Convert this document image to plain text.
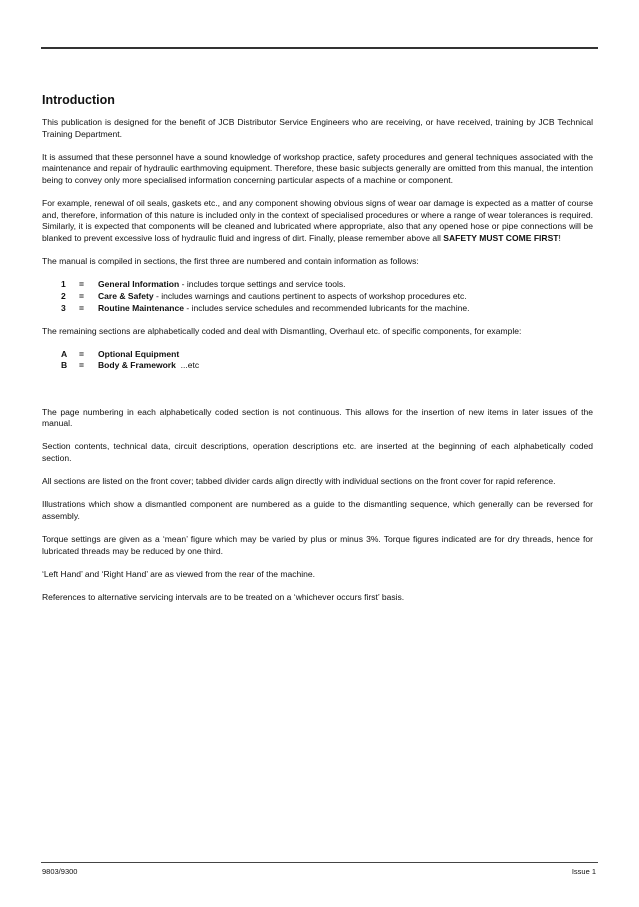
Introduction

This publication is designed for the benefit of JCB Distributor Service Engineers who are receiving, or have received, training by JCB Technical Training Department.

It is assumed that these personnel have a sound knowledge of workshop practice, safety procedures and general techniques associated with the maintenance and repair of hydraulic earthmoving equipment. Therefore, these basic subjects generally are omitted from this manual, the intention being to convey only more specialised information concerning particular aspects of a machine or component.

For example, renewal of oil seals, gaskets etc., and any component showing obvious signs of wear oar damage is expected as a matter of course and, therefore, information of this nature is included only in the context of specialised procedures or where a range of wear tolerances is required. Similarly, it is expected that components will be cleaned and lubricated where appropriate, also that any opened hose or pipe connections will be blanked to prevent excessive loss of hydraulic fluid and ingress of dirt. Finally, please remember above all SAFETY MUST COME FIRST!

The manual is compiled in sections, the first three are numbered and contain information as follows:

1	=	General Information - includes torque settings and service tools.
2	=	Care & Safety - includes warnings and cautions pertinent to aspects of workshop procedures etc.
3	=	Routine Maintenance - includes service schedules and recommended lubricants for the machine.

The remaining sections are alphabetically coded and deal with Dismantling, Overhaul etc. of specific components, for example:

A	=	Optional Equipment
B	=	Body & Framework  ...etc

The page numbering in each alphabetically coded section is not continuous. This allows for the insertion of new items in later issues of the manual.

Section contents, technical data, circuit descriptions, operation descriptions etc. are inserted at the beginning of each alphabetically coded section.

All sections are listed on the front cover; tabbed divider cards align directly with individual sections on the front cover for rapid reference.

Illustrations which show a dismantled component are numbered as a guide to the dismantling sequence, which generally can be reversed for assembly.

Torque settings are given as a ‘mean’ figure which may be varied by plus or minus 3%. Torque figures indicated are for dry threads, hence for lubricated threads may be reduced by one third.

‘Left Hand’ and ‘Right Hand’ are as viewed from the rear of the machine.

References to alternative servicing intervals are to be treated on a ‘whichever occurs first’ basis.

9803/9300	Issue 1
